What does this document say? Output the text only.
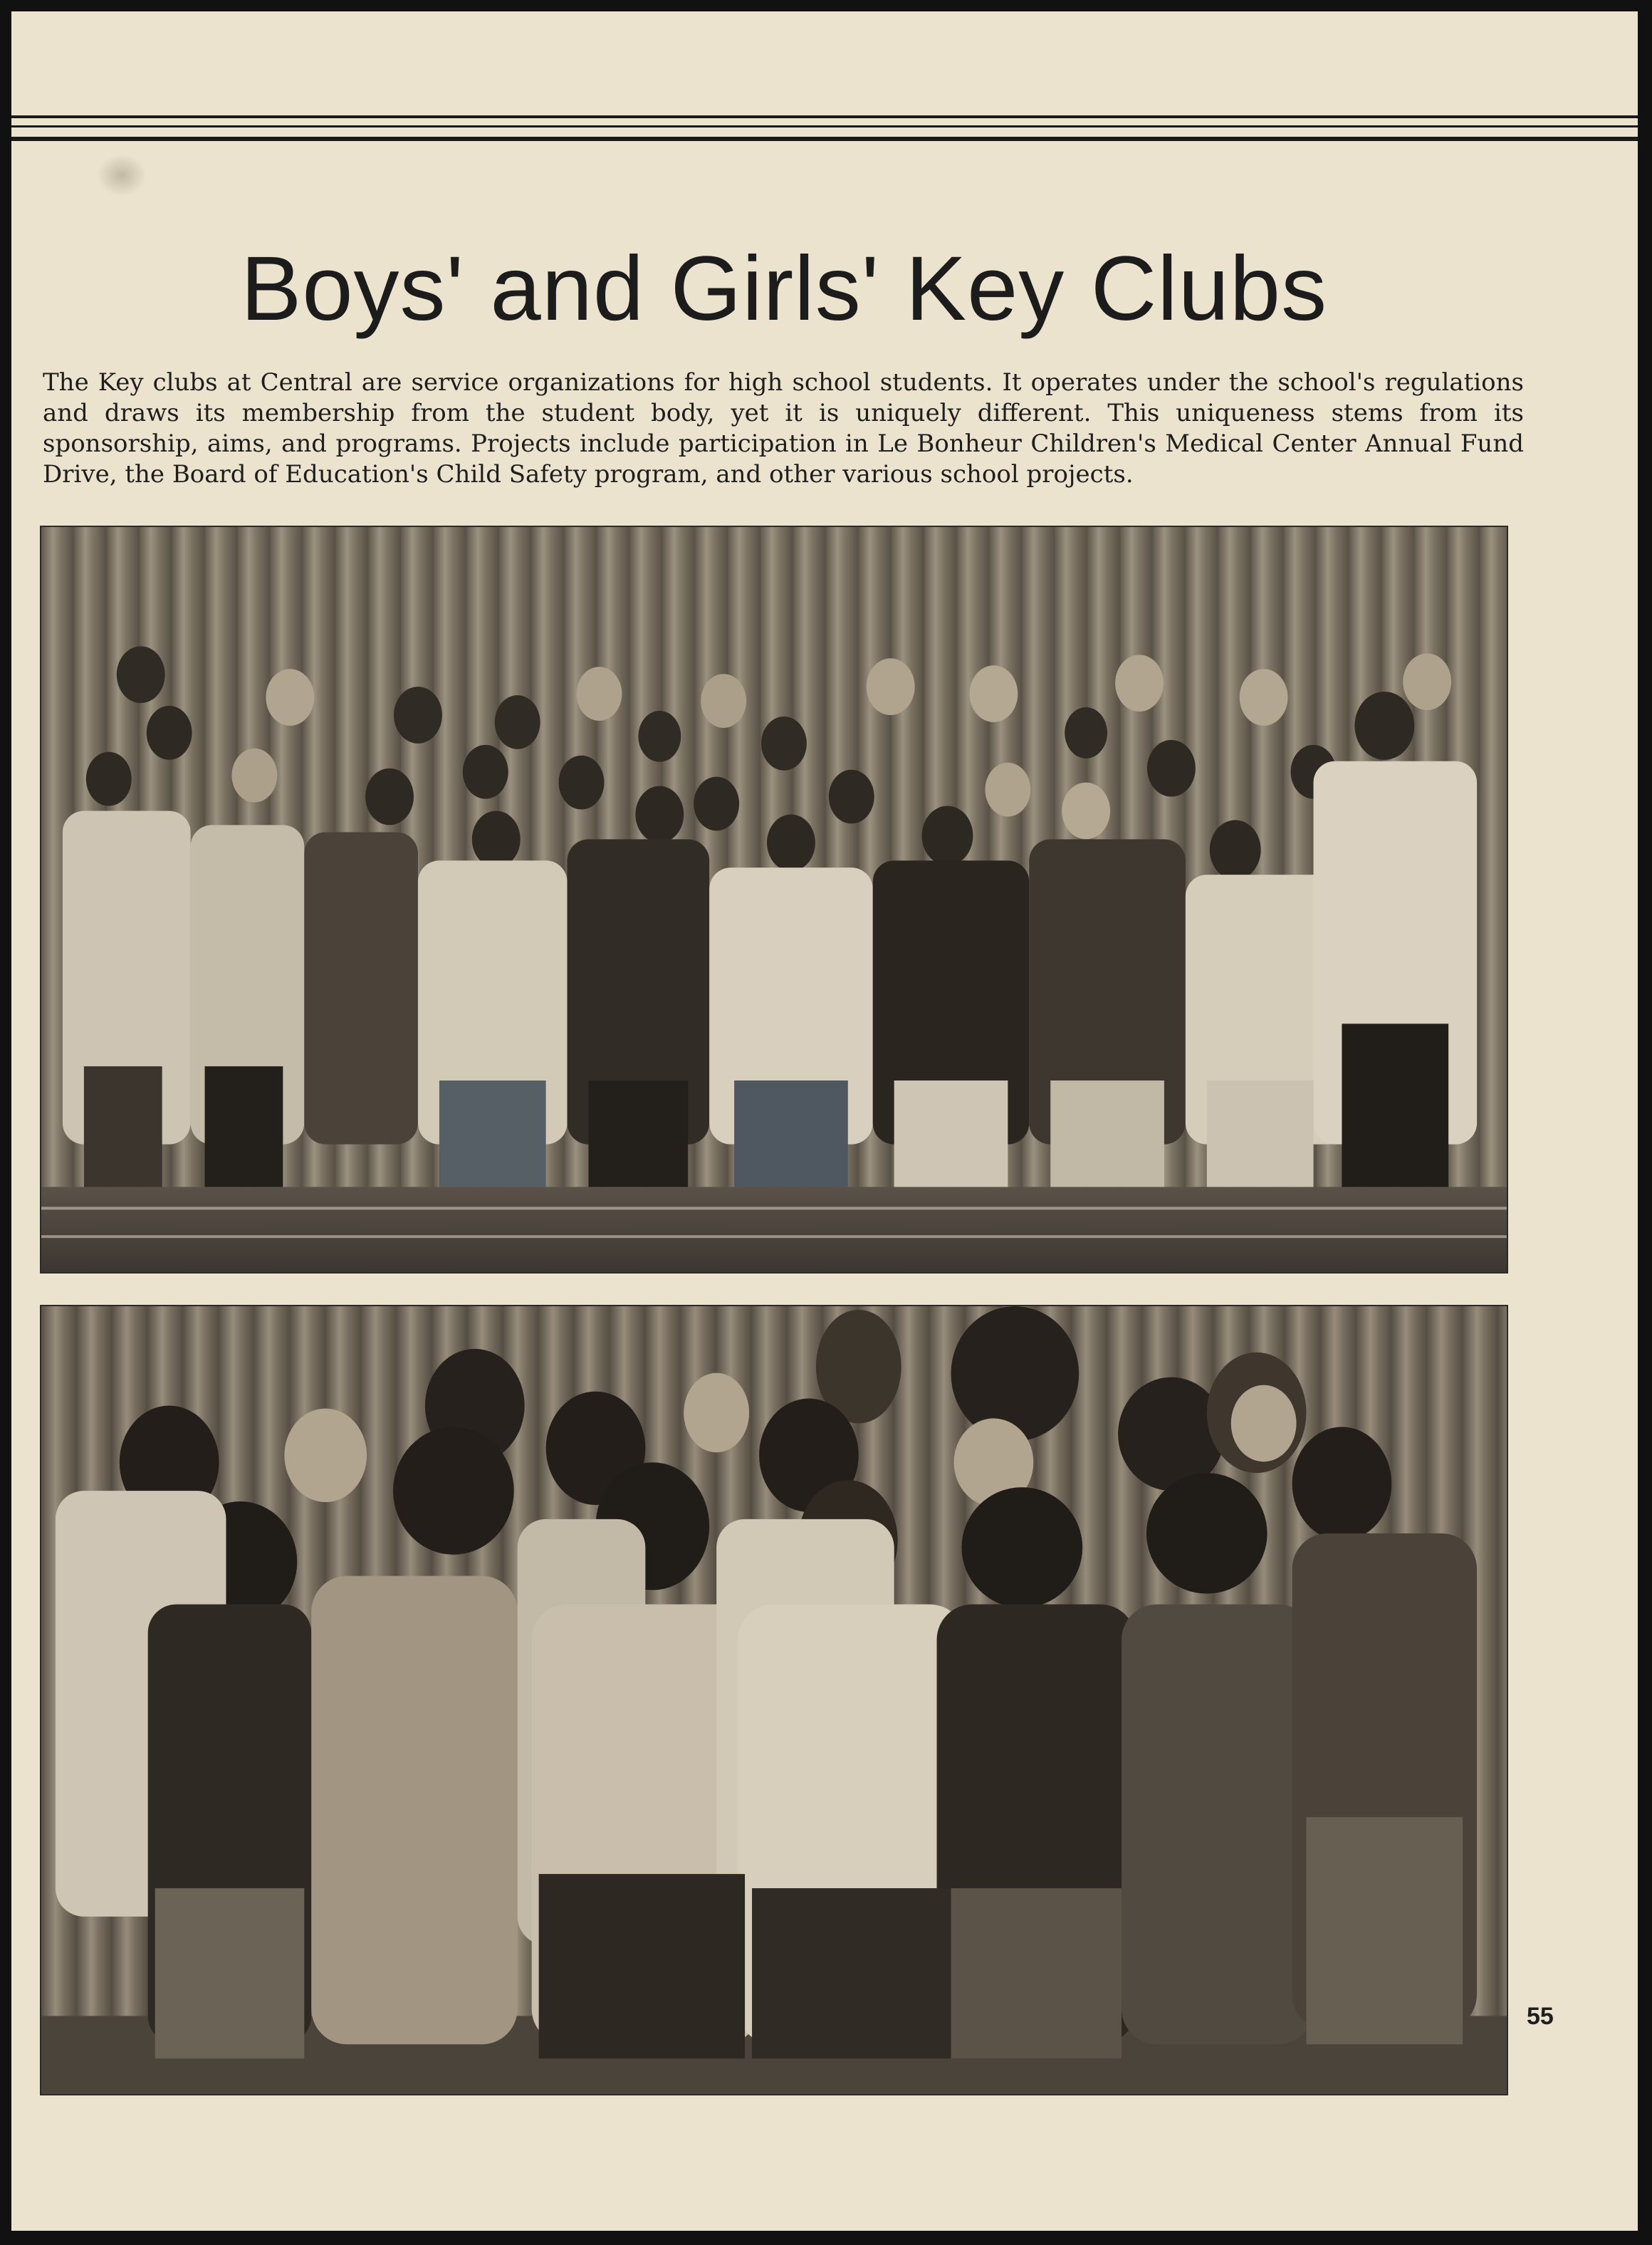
Boys' and Girls' Key Clubs

The Key clubs at Central are service organizations for high school students. It operates under the school's regulations and draws its membership from the student body, yet it is uniquely different. This uniqueness stems from its sponsorship, aims, and programs. Projects include participation in Le Bonheur Children's Medical Center Annual Fund Drive, the Board of Education's Child Safety program, and other various school projects.

55
